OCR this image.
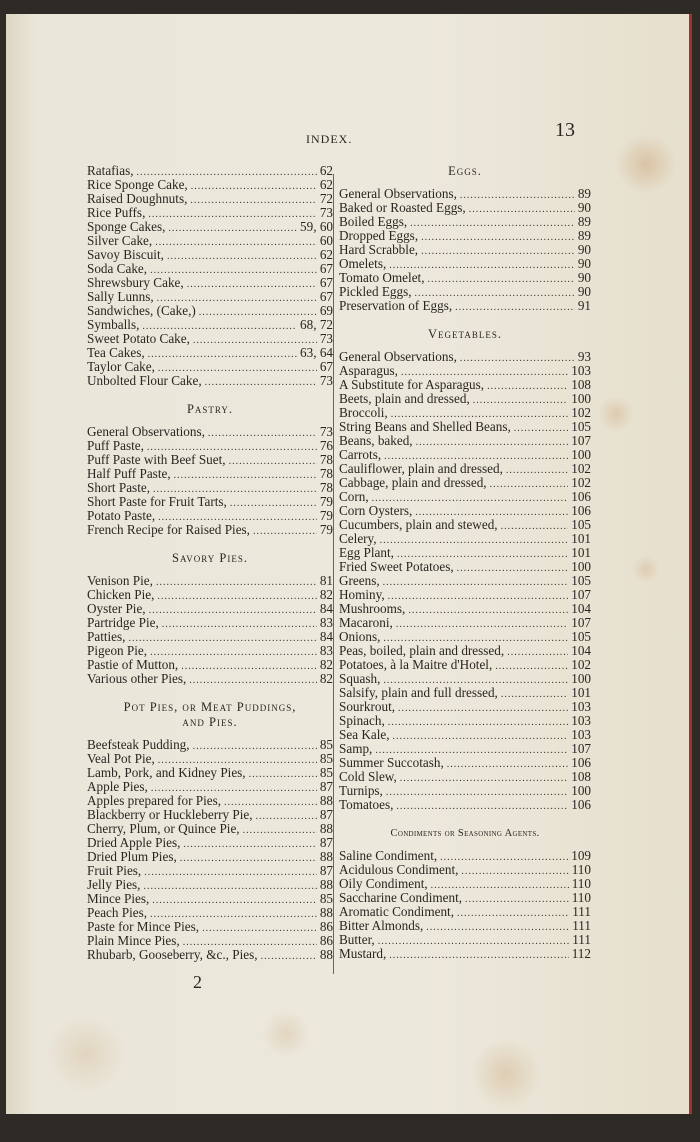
INDEX.	13
Ratafias, .....	62
Rice Sponge Cake, .....	62
Raised Doughnuts, .....	72
Rice Puffs, .....	73
Sponge Cakes, .....	59, 60
Silver Cake, .....	60
Savoy Biscuit, .....	62
Soda Cake, .....	67
Shrewsbury Cake, .....	67
Sally Lunns, .....	67
Sandwiches, (Cake,) .....	69
Symballs, .....	68, 72
Sweet Potato Cake, .....	73
Tea Cakes, .....	63, 64
Taylor Cake, .....	67
Unbolted Flour Cake, .....	73
Pastry.
General Observations, .....	73
Puff Paste, .....	76
Puff Paste with Beef Suet, .....	78
Half Puff Paste, .....	78
Short Paste, .....	78
Short Paste for Fruit Tarts, .....	79
Potato Paste, .....	79
French Recipe for Raised Pies, .....	79
Savory Pies.
Venison Pie, .....	81
Chicken Pie, .....	82
Oyster Pie, .....	84
Partridge Pie, .....	83
Patties, .....	84
Pigeon Pie, .....	83
Pastie of Mutton, .....	82
Various other Pies, .....	82
Pot Pies, or Meat Puddings,
and Pies.
Beefsteak Pudding, .....	85
Veal Pot Pie, .....	85
Lamb, Pork, and Kidney Pies, .....	85
Apple Pies, .....	87
Apples prepared for Pies, .....	88
Blackberry or Huckleberry Pie, .....	87
Cherry, Plum, or Quince Pie, .....	88
Dried Apple Pies, .....	87
Dried Plum Pies, .....	88
Fruit Pies, .....	87
Jelly Pies, .....	88
Mince Pies, .....	85
Peach Pies, .....	88
Paste for Mince Pies, .....	86
Plain Mince Pies, .....	86
Rhubarb, Gooseberry, &c., Pies, .....	88
Eggs.
General Observations, .....	89
Baked or Roasted Eggs, .....	90
Boiled Eggs, .....	89
Dropped Eggs, .....	89
Hard Scrabble, .....	90
Omelets, .....	90
Tomato Omelet, .....	90
Pickled Eggs, .....	90
Preservation of Eggs, .....	91
Vegetables.
General Observations, .....	93
Asparagus, .....	103
A Substitute for Asparagus, .....	108
Beets, plain and dressed, .....	100
Broccoli, .....	102
String Beans and Shelled Beans, .....	105
Beans, baked, .....	107
Carrots, .....	100
Cauliflower, plain and dressed, .....	102
Cabbage, plain and dressed, .....	102
Corn, .....	106
Corn Oysters, .....	106
Cucumbers, plain and stewed, .....	105
Celery, .....	101
Egg Plant, .....	101
Fried Sweet Potatoes, .....	100
Greens, .....	105
Hominy, .....	107
Mushrooms, .....	104
Macaroni, .....	107
Onions, .....	105
Peas, boiled, plain and dressed, .....	104
Potatoes, à la Maitre d'Hotel, .....	102
Squash, .....	100
Salsify, plain and full dressed, .....	101
Sourkrout, .....	103
Spinach, .....	103
Sea Kale, .....	103
Samp, .....	107
Summer Succotash, .....	106
Cold Slew, .....	108
Turnips, .....	100
Tomatoes, .....	106
Condiments or Seasoning Agents.
Saline Condiment, .....	109
Acidulous Condiment, .....	110
Oily Condiment, .....	110
Saccharine Condiment, .....	110
Aromatic Condiment, .....	111
Bitter Almonds, .....	111
Butter, .....	111
Mustard, .....	112
2
